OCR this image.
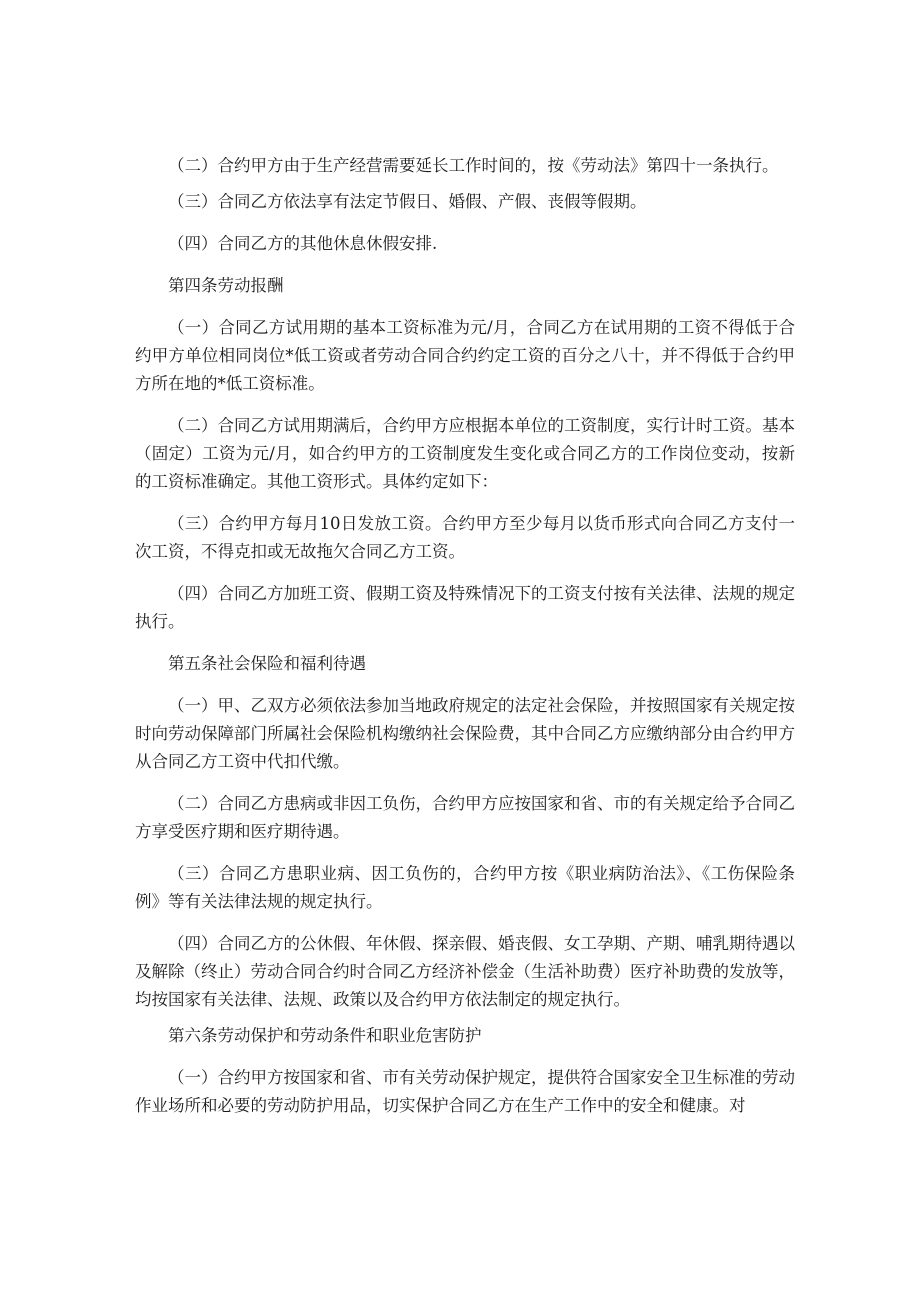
（二）合约甲方由于生产经营需要延长工作时间的，按《劳动法》第四十一条执行。

（三）合同乙方依法享有法定节假日、婚假、产假、丧假等假期。

（四）合同乙方的其他休息休假安排.

第四条劳动报酬

（一）合同乙方试用期的基本工资标准为元/月，合同乙方在试用期的工资不得低于合约甲方单位相同岗位*低工资或者劳动合同合约约定工资的百分之八十，并不得低于合约甲方所在地的*低工资标准。

（二）合同乙方试用期满后，合约甲方应根据本单位的工资制度，实行计时工资。基本（固定）工资为元/月，如合约甲方的工资制度发生变化或合同乙方的工作岗位变动，按新的工资标准确定。其他工资形式。具体约定如下：

（三）合约甲方每月10日发放工资。合约甲方至少每月以货币形式向合同乙方支付一次工资，不得克扣或无故拖欠合同乙方工资。

（四）合同乙方加班工资、假期工资及特殊情况下的工资支付按有关法律、法规的规定执行。

第五条社会保险和福利待遇

（一）甲、乙双方必须依法参加当地政府规定的法定社会保险，并按照国家有关规定按时向劳动保障部门所属社会保险机构缴纳社会保险费，其中合同乙方应缴纳部分由合约甲方从合同乙方工资中代扣代缴。

（二）合同乙方患病或非因工负伤，合约甲方应按国家和省、市的有关规定给予合同乙方享受医疗期和医疗期待遇。

（三）合同乙方患职业病、因工负伤的，合约甲方按《职业病防治法》、《工伤保险条例》等有关法律法规的规定执行。

（四）合同乙方的公休假、年休假、探亲假、婚丧假、女工孕期、产期、哺乳期待遇以及解除（终止）劳动合同合约时合同乙方经济补偿金（生活补助费）医疗补助费的发放等，均按国家有关法律、法规、政策以及合约甲方依法制定的规定执行。

第六条劳动保护和劳动条件和职业危害防护

（一）合约甲方按国家和省、市有关劳动保护规定，提供符合国家安全卫生标准的劳动作业场所和必要的劳动防护用品，切实保护合同乙方在生产工作中的安全和健康。对
